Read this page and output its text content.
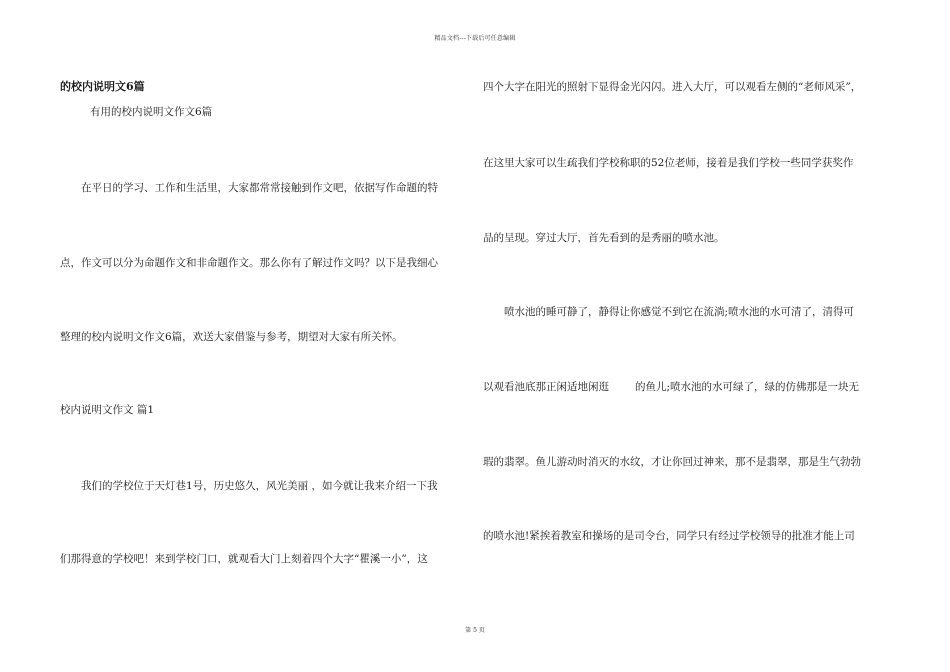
精品文档---下载后可任意编辑
的校内说明文6篇
有用的校内说明文作文6篇
在平日的学习、工作和生活里，大家都常常接触到作文吧，依据写作命题的特
点，作文可以分为命题作文和非命题作文。那么你有了解过作文吗？以下是我细心
整理的校内说明文作文6篇，欢送大家借鉴与参考，期望对大家有所关怀。
校内说明文作文 篇1
我们的学校位于天灯巷1号，历史悠久，风光美丽 ，如今就让我来介绍一下我
们那得意的学校吧！来到学校门口，就观看大门上刻着四个大字“瞿溪一小”，这
四个大字在阳光的照射下显得金光闪闪。进入大厅，可以观看左侧的“老师风采”，
在这里大家可以生疏我们学校称职的52位老师，接着是我们学校一些同学获奖作
品的呈现。穿过大厅，首先看到的是秀丽的喷水池。
喷水池的睡可静了，静得让你感觉不到它在流淌;喷水池的水可清了，清得可
以观看池底那正闲适地闲逛 的鱼儿;喷水池的水可绿了，绿的仿佛那是一块无
瑕的翡翠。鱼儿游动时消灭的水纹，才让你回过神来，那不是翡翠，那是生气勃勃
的喷水池!紧挨着教室和操场的是司令台，同学只有经过学校领导的批准才能上司
第 5 页
